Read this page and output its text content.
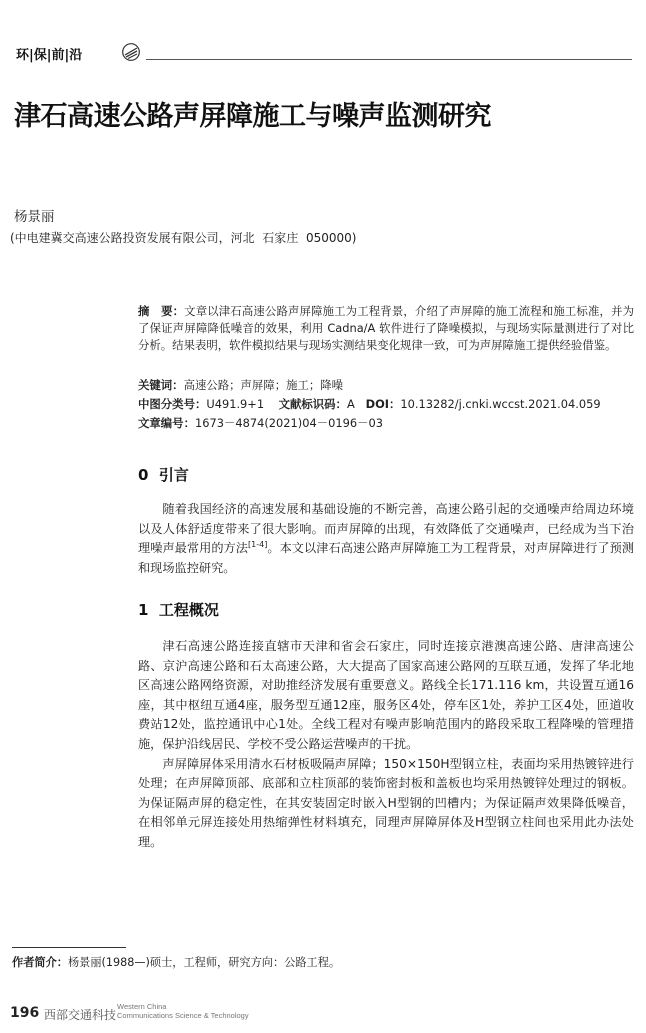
环|保|前|沿
津石高速公路声屏障施工与噪声监测研究
杨景丽
(中电建冀交高速公路投资发展有限公司，河北  石家庄  050000)

摘　要：文章以津石高速公路声屏障施工为工程背景，介绍了声屏障的施工流程和施工标准，并为了保证声屏障降低噪音的效果，利用 Cadna/A 软件进行了降噪模拟，与现场实际量测进行了对比分析。结果表明，软件模拟结果与现场实测结果变化规律一致，可为声屏障施工提供经验借鉴。

关键词：高速公路；声屏障；施工；降噪
中图分类号：U491.9+1 文献标识码：A DOI：10.13282/j.cnki.wccst.2021.04.059
文章编号：1673－4874(2021)04－0196－03
0  引言

随着我国经济的高速发展和基础设施的不断完善，高速公路引起的交通噪声给周边环境以及人体舒适度带来了很大影响。而声屏障的出现，有效降低了交通噪声，已经成为当下治理噪声最常用的方法[1-4]。本文以津石高速公路声屏障施工为工程背景，对声屏障进行了预测和现场监控研究。

1  工程概况

津石高速公路连接直辖市天津和省会石家庄，同时连接京港澳高速公路、唐津高速公路、京沪高速公路和石太高速公路，大大提高了国家高速公路网的互联互通，发挥了华北地区高速公路网络资源，对助推经济发展有重要意义。路线全长171.116 km，共设置互通16座，其中枢纽互通4座，服务型互通12座，服务区4处，停车区1处，养护工区4处，匝道收费站12处，监控通讯中心1处。全线工程对有噪声影响范围内的路段采取工程降噪的管理措施，保护沿线居民、学校不受公路运营噪声的干扰。

声屏障屏体采用清水石材板吸隔声屏障；150×150H型钢立柱，表面均采用热镀锌进行处理；在声屏障顶部、底部和立柱顶部的装饰密封板和盖板也均采用热镀锌处理过的钢板。为保证隔声屏的稳定性，在其安装固定时嵌入H型钢的凹槽内；为保证隔声效果降低噪音，在相邻单元屏连接处用热缩弹性材料填充，同理声屏障屏体及H型钢立柱间也采用此办法处理。

作者简介：杨景丽(1988—)硕士，工程师，研究方向：公路工程。
196 西部交通科技
Western China
Communications Science & Technology
